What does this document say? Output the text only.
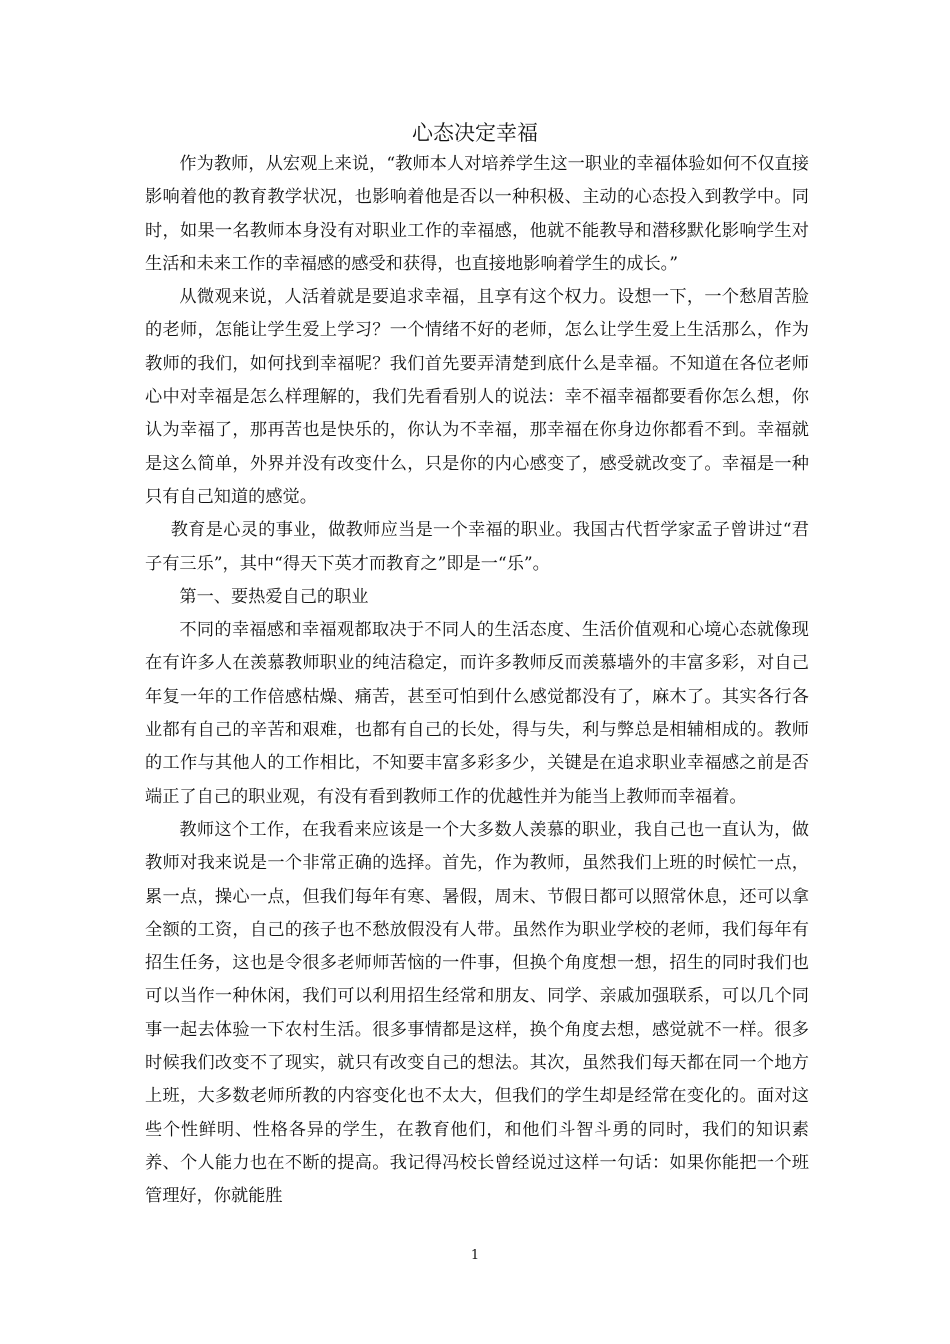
心态决定幸福

作为教师，从宏观上来说，“教师本人对培养学生这一职业的幸福体验如何不仅直接影响着他的教育教学状况，也影响着他是否以一种积极、主动的心态投入到教学中。同时，如果一名教师本身没有对职业工作的幸福感，他就不能教导和潜移默化影响学生对生活和未来工作的幸福感的感受和获得，也直接地影响着学生的成长。”

从微观来说，人活着就是要追求幸福，且享有这个权力。设想一下，一个愁眉苦脸的老师，怎能让学生爱上学习？一个情绪不好的老师，怎么让学生爱上生活那么，作为教师的我们，如何找到幸福呢？我们首先要弄清楚到底什么是幸福。不知道在各位老师心中对幸福是怎么样理解的，我们先看看别人的说法：幸不福幸福都要看你怎么想，你认为幸福了，那再苦也是快乐的，你认为不幸福，那幸福在你身边你都看不到。幸福就是这么简单，外界并没有改变什么，只是你的内心感变了，感受就改变了。幸福是一种只有自己知道的感觉。

教育是心灵的事业，做教师应当是一个幸福的职业。我国古代哲学家孟子曾讲过“君子有三乐”，其中“得天下英才而教育之”即是一“乐”。

第一、要热爱自己的职业

不同的幸福感和幸福观都取决于不同人的生活态度、生活价值观和心境心态就像现在有许多人在羡慕教师职业的纯洁稳定，而许多教师反而羡慕墙外的丰富多彩，对自己年复一年的工作倍感枯燥、痛苦，甚至可怕到什么感觉都没有了，麻木了。其实各行各业都有自己的辛苦和艰难，也都有自己的长处，得与失，利与弊总是相辅相成的。教师的工作与其他人的工作相比，不知要丰富多彩多少，关键是在追求职业幸福感之前是否端正了自己的职业观，有没有看到教师工作的优越性并为能当上教师而幸福着。

教师这个工作，在我看来应该是一个大多数人羡慕的职业，我自己也一直认为，做教师对我来说是一个非常正确的选择。首先，作为教师，虽然我们上班的时候忙一点，累一点，操心一点，但我们每年有寒、暑假，周末、节假日都可以照常休息，还可以拿全额的工资，自己的孩子也不愁放假没有人带。虽然作为职业学校的老师，我们每年有招生任务，这也是令很多老师师苦恼的一件事，但换个角度想一想，招生的同时我们也可以当作一种休闲，我们可以利用招生经常和朋友、同学、亲戚加强联系，可以几个同事一起去体验一下农村生活。很多事情都是这样，换个角度去想，感觉就不一样。很多时候我们改变不了现实，就只有改变自己的想法。其次，虽然我们每天都在同一个地方上班，大多数老师所教的内容变化也不太大，但我们的学生却是经常在变化的。面对这些个性鲜明、性格各异的学生，在教育他们，和他们斗智斗勇的同时，我们的知识素养、个人能力也在不断的提高。我记得冯校长曾经说过这样一句话：如果你能把一个班管理好，你就能胜

1
